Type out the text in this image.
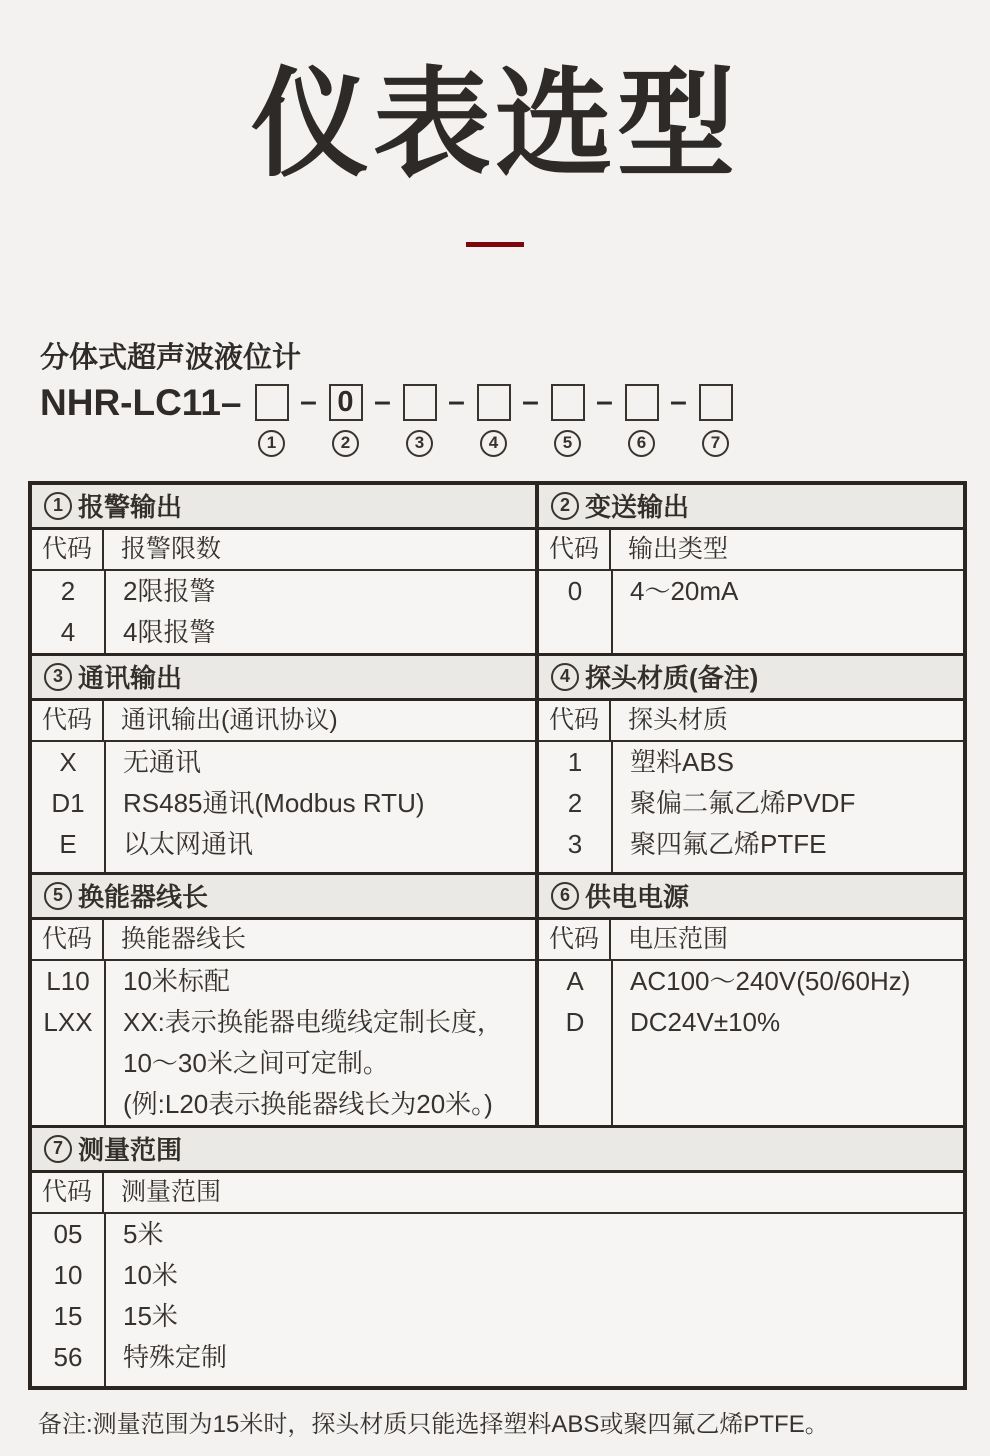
仪表选型
分体式超声波液位计
NHR-LC11–
1
– 0
2
–
3
–
4
–
5
–
6
–
7
1 报警输出
代码	报警限数
2	2限报警
4	4限报警
2 变送输出
代码	输出类型
0	4～20mA
3 通讯输出
代码	通讯输出(通讯协议)
X	无通讯
D1	RS485通讯(Modbus RTU)
E	以太网通讯
4 探头材质(备注)
代码	探头材质
1	塑料ABS
2	聚偏二氟乙烯PVDF
3	聚四氟乙烯PTFE
5 换能器线长
代码	换能器线长
L10	10米标配
LXX	XX:表示换能器电缆线定制长度，
10～30米之间可定制。
(例:L20表示换能器线长为20米。)
6 供电电源
代码	电压范围
A	AC100～240V(50/60Hz)
D	DC24V±10%
7 测量范围
代码	测量范围
05	5米
10	10米
15	15米
56	特殊定制
备注:测量范围为15米时，探头材质只能选择塑料ABS或聚四氟乙烯PTFE。
